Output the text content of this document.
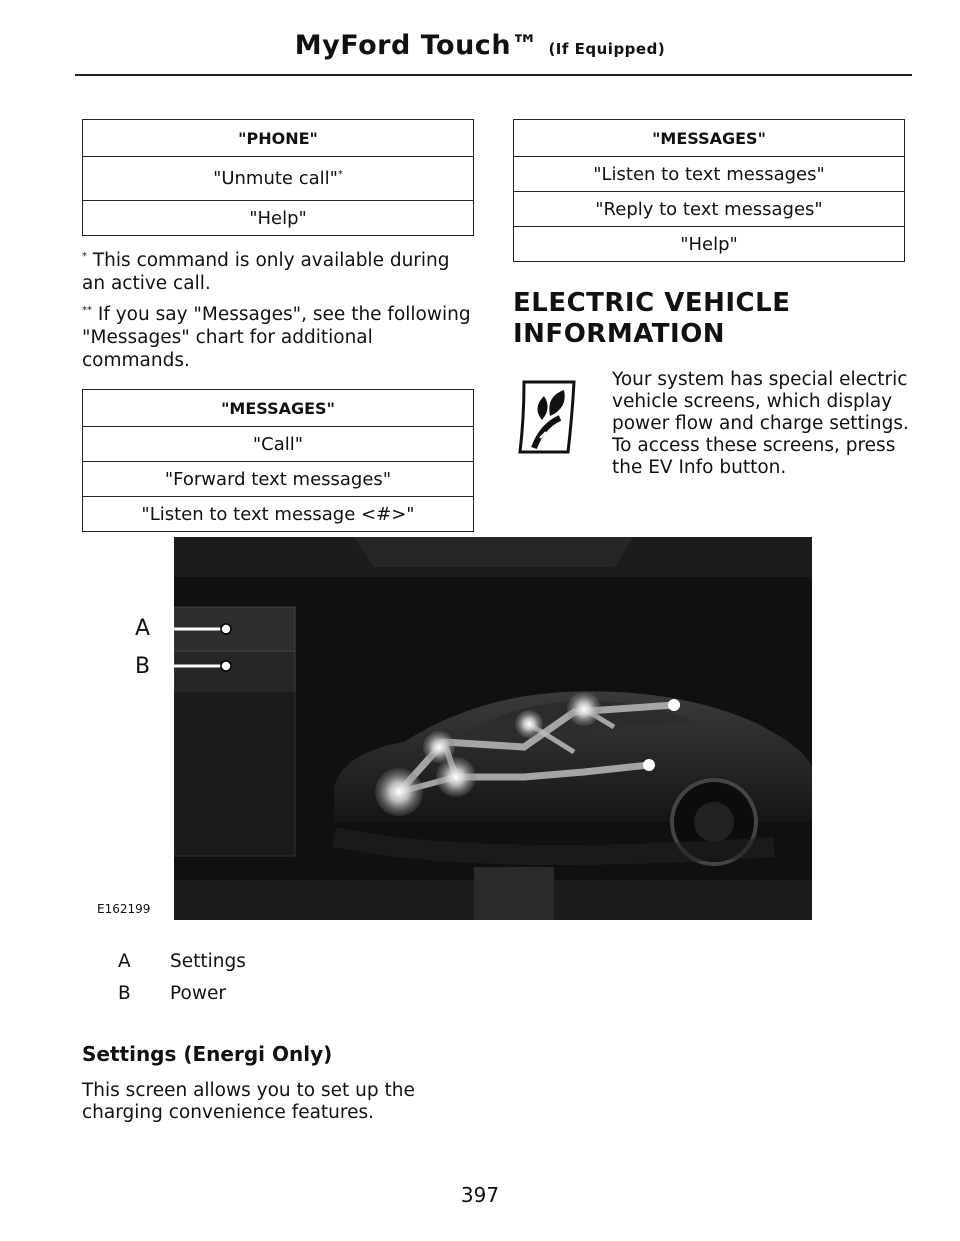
MyFord Touch™ (If Equipped)
"PHONE"
"Unmute call"*
"Help"
* This command is only available during an active call.
** If you say "Messages", see the following "Messages" chart for additional commands.
"MESSAGES"
"Call"
"Forward text messages"
"Listen to text message <#>"
"MESSAGES"
"Listen to text messages"
"Reply to text messages"
"Help"
ELECTRIC VEHICLE
INFORMATION
Your system has special electric vehicle screens, which display power flow and charge settings. To access these screens, press the EV Info button.
A
B
E162199
A Settings
B Power
Settings (Energi Only)
This screen allows you to set up the charging convenience features.
397
